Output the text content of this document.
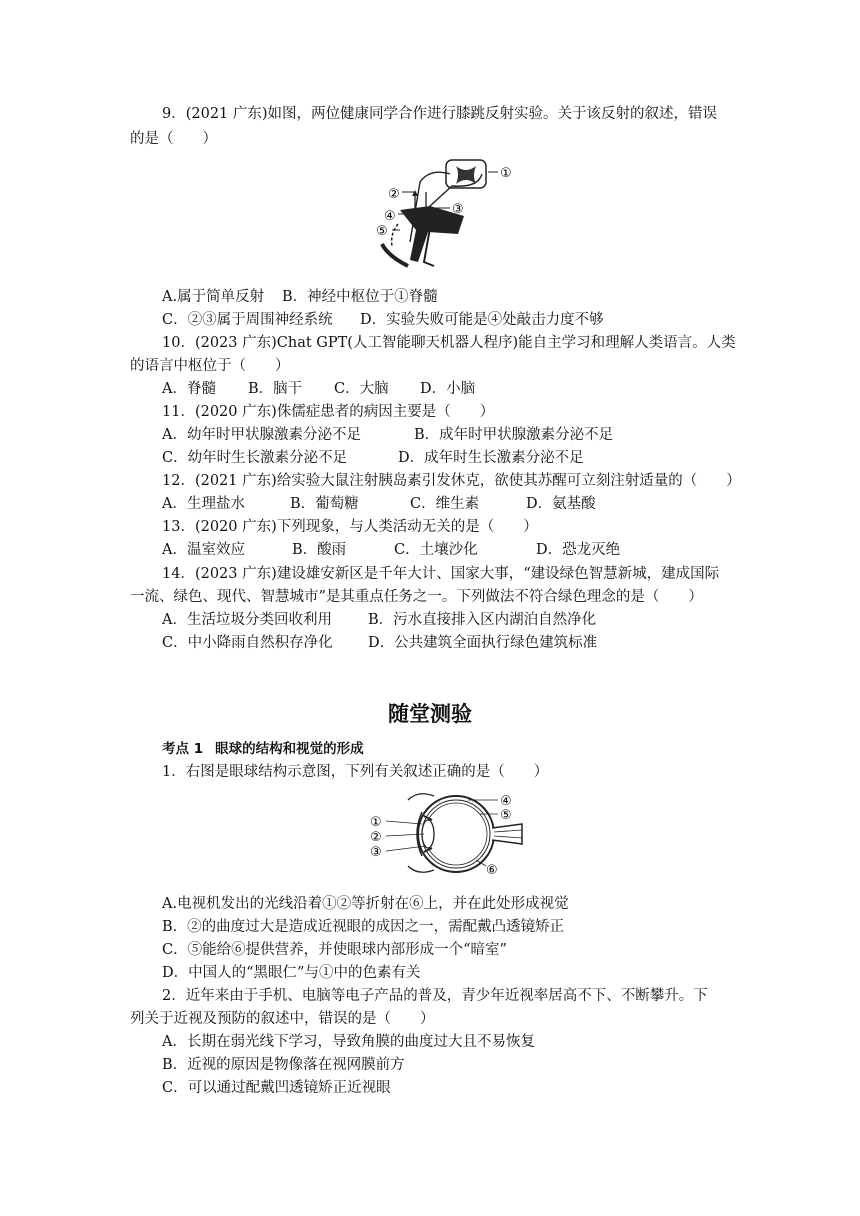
9．(2021 广东)如图，两位健康同学合作进行膝跳反射实验。关于该反射的叙述，错误
的是（　　）
①
②
③
④
⑤
A.属于简单反射 B．神经中枢位于①脊髓
C．②③属于周围神经系统 D．实验失败可能是④处敲击力度不够
10．(2023 广东)Chat GPT(人工智能聊天机器人程序)能自主学习和理解人类语言。人类
的语言中枢位于（　　）
A．脊髓 B．脑干 C．大脑 D．小脑
11．(2020 广东)侏儒症患者的病因主要是（　　）
A．幼年时甲状腺激素分泌不足	B．成年时甲状腺激素分泌不足
C．幼年时生长激素分泌不足	D．成年时生长激素分泌不足
12．(2021 广东)给实验大鼠注射胰岛素引发休克，欲使其苏醒可立刻注射适量的（　　）
A．生理盐水	B．葡萄糖	C．维生素	D．氨基酸
13．(2020 广东)下列现象，与人类活动无关的是（　　）
A．温室效应	B．酸雨	C．土壤沙化	D．恐龙灭绝
14．(2023 广东)建设雄安新区是千年大计、国家大事，“建设绿色智慧新城，建成国际
一流、绿色、现代、智慧城市”是其重点任务之一。下列做法不符合绿色理念的是（　　）
A．生活垃圾分类回收利用 B．污水直接排入区内湖泊自然净化
C．中小降雨自然积存净化 D．公共建筑全面执行绿色建筑标准
随堂测验
考点 1 眼球的结构和视觉的形成
1．右图是眼球结构示意图，下列有关叙述正确的是（　　）
①
②
③
④
⑤
⑥
A.电视机发出的光线沿着①②等折射在⑥上，并在此处形成视觉
B．②的曲度过大是造成近视眼的成因之一，需配戴凸透镜矫正
C．⑤能给⑥提供营养，并使眼球内部形成一个“暗室”
D．中国人的“黑眼仁”与①中的色素有关
2．近年来由于手机、电脑等电子产品的普及，青少年近视率居高不下、不断攀升。下
列关于近视及预防的叙述中，错误的是（　　）
A．长期在弱光线下学习，导致角膜的曲度过大且不易恢复
B．近视的原因是物像落在视网膜前方
C．可以通过配戴凹透镜矫正近视眼
